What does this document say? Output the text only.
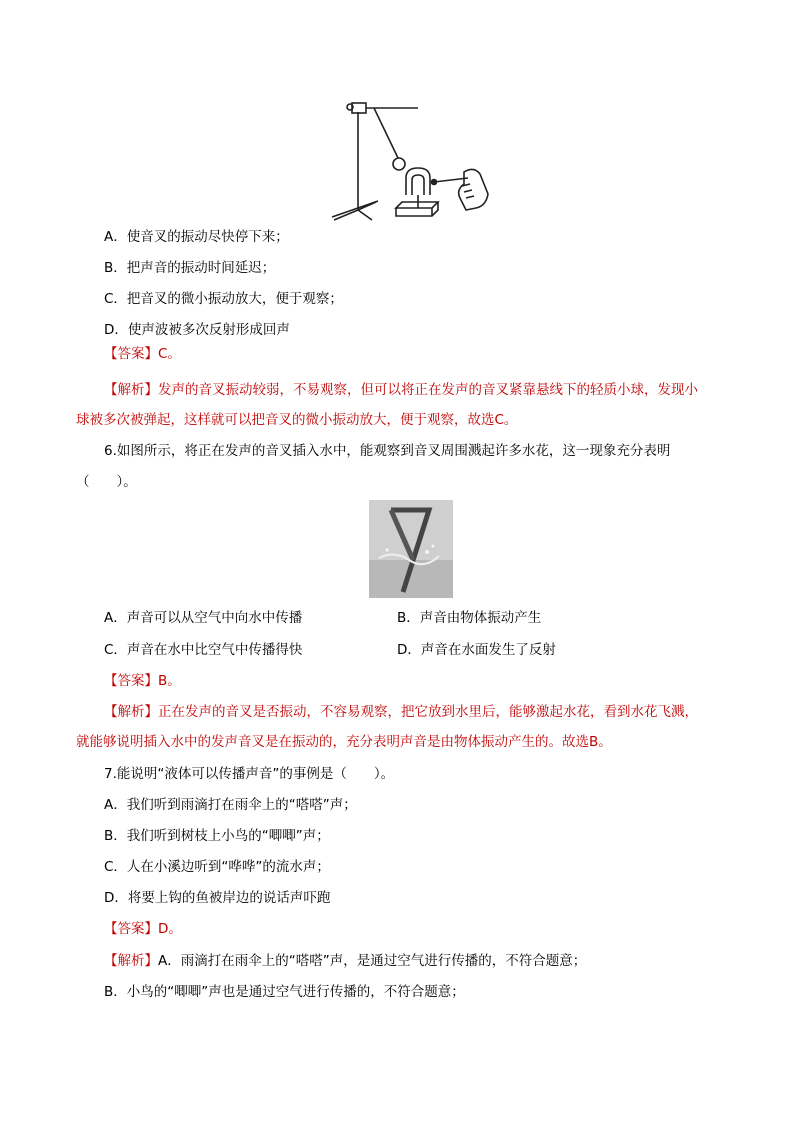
A．使音叉的振动尽快停下来；
B．把声音的振动时间延迟；
C．把音叉的微小振动放大，便于观察；
D．使声波被多次反射形成回声
【答案】C。
【解析】发声的音叉振动较弱，不易观察，但可以将正在发声的音叉紧靠悬线下的轻质小球，发现小
球被多次被弹起，这样就可以把音叉的微小振动放大，便于观察，故选C。
6.如图所示，将正在发声的音叉插入水中，能观察到音叉周围溅起许多水花，这一现象充分表明
（　　）。
A．声音可以从空气中向水中传播	B．声音由物体振动产生
C．声音在水中比空气中传播得快	D．声音在水面发生了反射
【答案】B。
【解析】正在发声的音叉是否振动，不容易观察，把它放到水里后，能够激起水花，看到水花飞溅，
就能够说明插入水中的发声音叉是在振动的，充分表明声音是由物体振动产生的。故选B。
7.能说明“液体可以传播声音”的事例是（　　）。
A．我们听到雨滴打在雨伞上的“嗒嗒”声；
B．我们听到树枝上小鸟的“唧唧”声；
C．人在小溪边听到“哗哗”的流水声；
D．将要上钩的鱼被岸边的说话声吓跑
【答案】D。
【解析】A．雨滴打在雨伞上的“嗒嗒”声，是通过空气进行传播的，不符合题意；
B．小鸟的“唧唧”声也是通过空气进行传播的，不符合题意；
